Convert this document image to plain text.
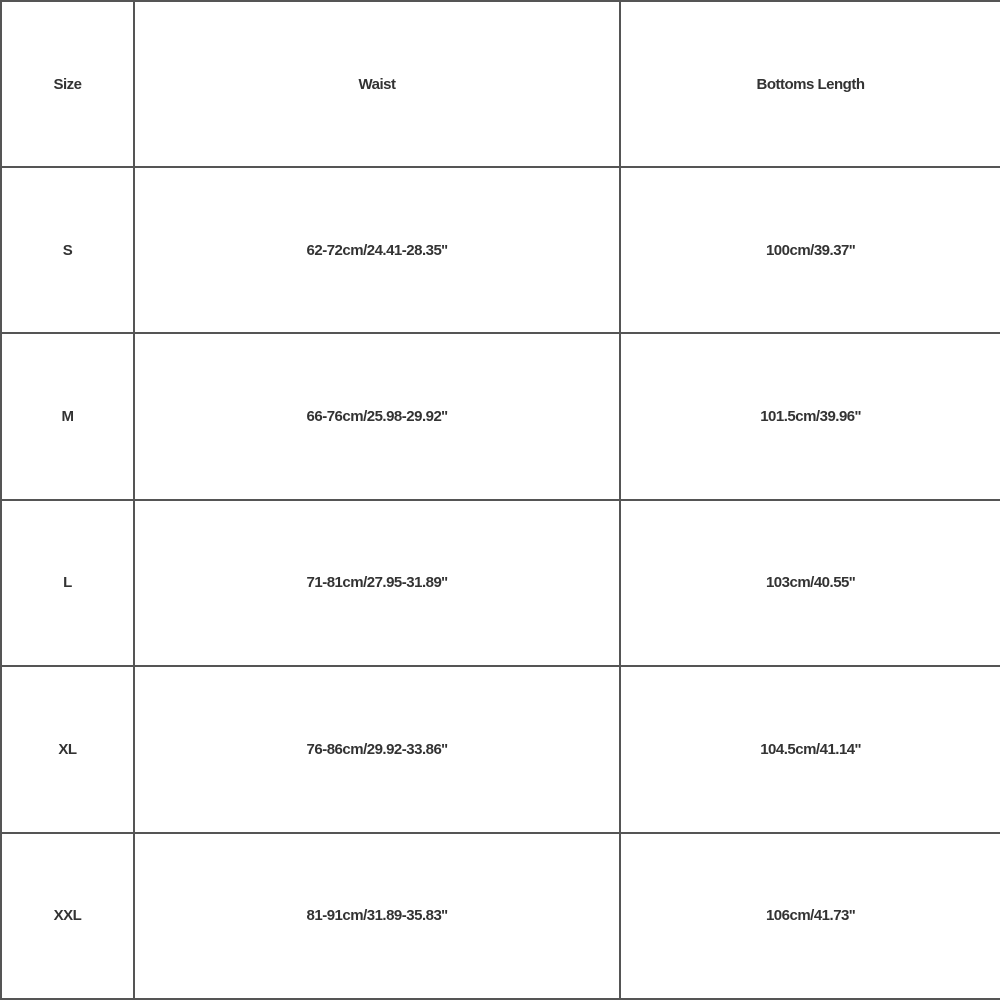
Size	Waist	Bottoms Length
S	62-72cm/24.41-28.35''	100cm/39.37''
M	66-76cm/25.98-29.92''	101.5cm/39.96''
L	71-81cm/27.95-31.89''	103cm/40.55''
XL	76-86cm/29.92-33.86''	104.5cm/41.14''
XXL	81-91cm/31.89-35.83''	106cm/41.73''
